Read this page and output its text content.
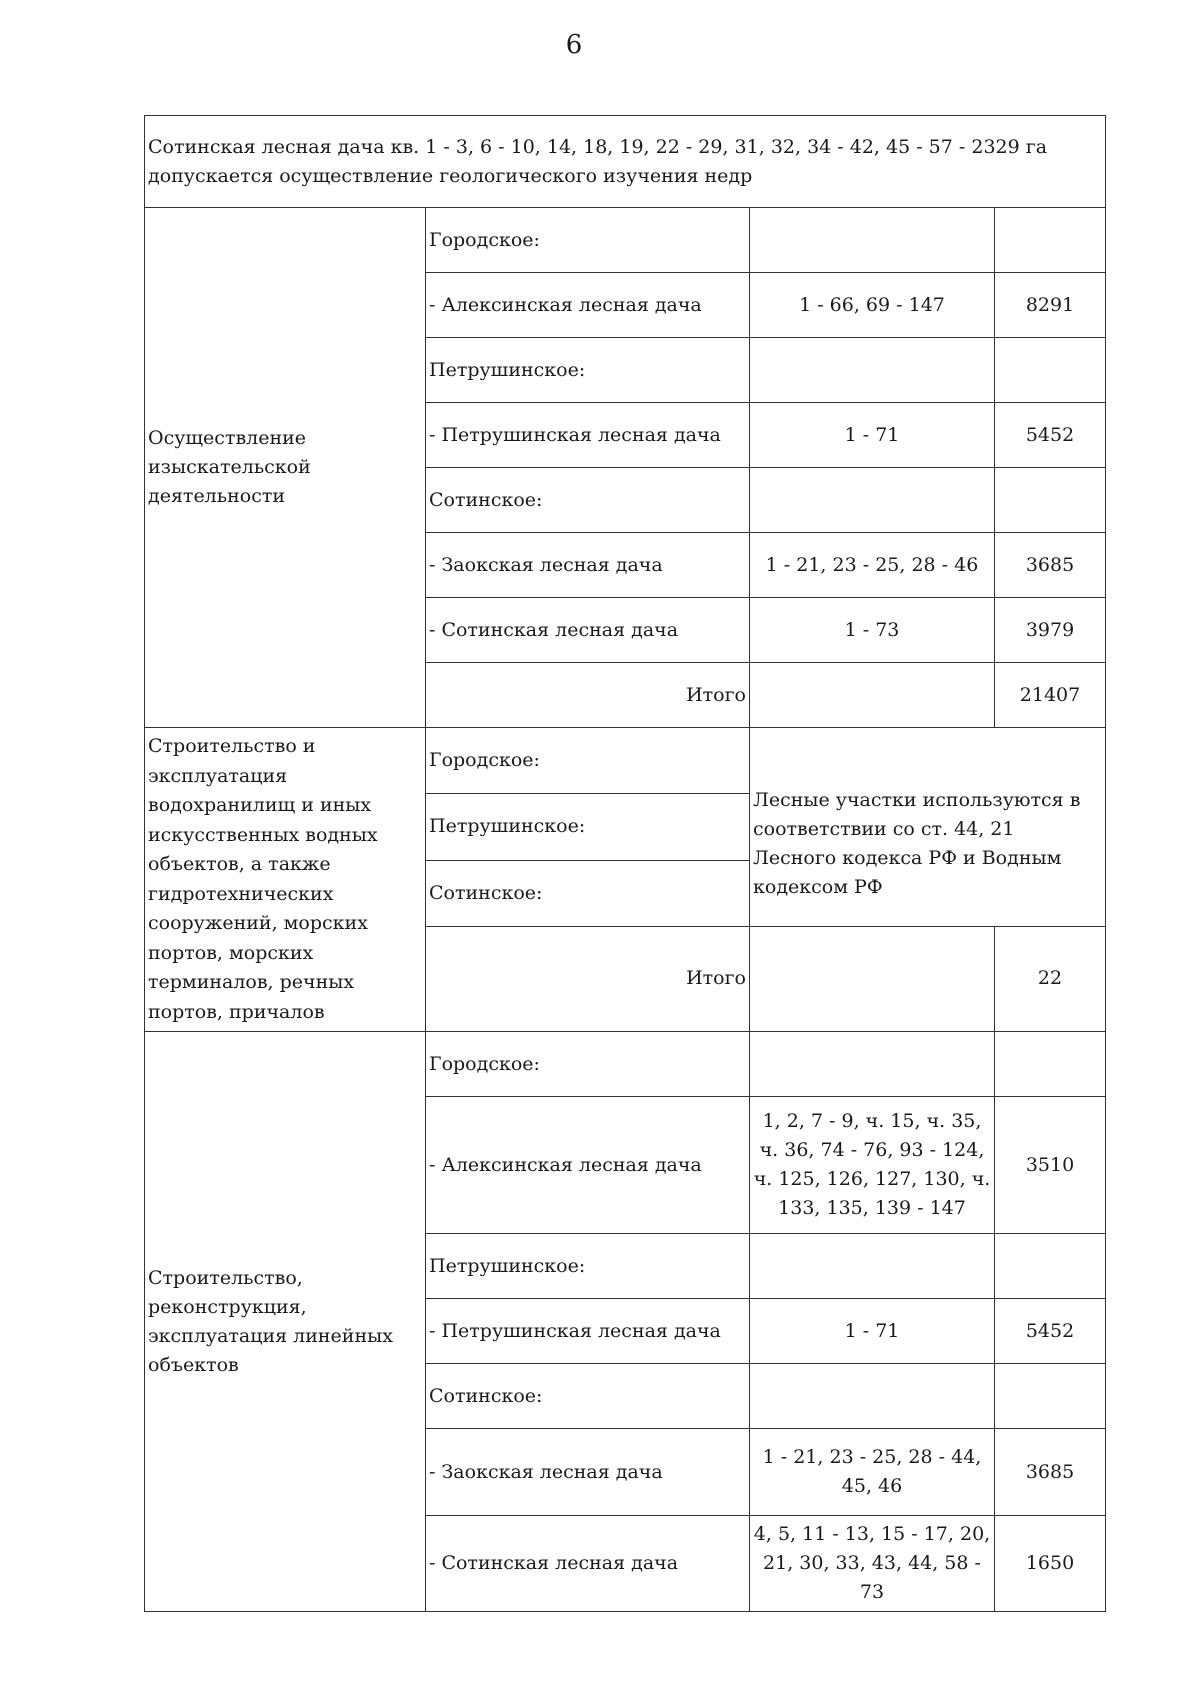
6
Сотинская лесная дача кв. 1 - 3, 6 - 10, 14, 18, 19, 22 - 29, 31, 32, 34 - 42, 45 - 57 - 2329 га допускается осуществление геологического изучения недр			
Осуществление изыскательской деятельности	Городское:		
	- Алексинская лесная дача	1 - 66, 69 - 147	8291
	Петрушинское:		
	- Петрушинская лесная дача	1 - 71	5452
	Сотинское:		
	- Заокская лесная дача	1 - 21, 23 - 25, 28 - 46	3685
	- Сотинская лесная дача	1 - 73	3979
	Итого		21407
Строительство и эксплуатация водохранилищ и иных искусственных водных объектов, а также гидротехнических сооружений, морских портов, морских терминалов, речных портов, причалов	Городское:	Лесные участки используются в соответствии со ст. 44, 21 Лесного кодекса РФ и Водным кодексом РФ	
	Петрушинское:		
	Сотинское:		
	Итого		22
Строительство, реконструкция, эксплуатация линейных объектов	Городское:		
	- Алексинская лесная дача	1, 2, 7 - 9, ч. 15, ч. 35, ч. 36, 74 - 76, 93 - 124, ч. 125, 126, 127, 130, ч. 133, 135, 139 - 147	3510
	Петрушинское:		
	- Петрушинская лесная дача	1 - 71	5452
	Сотинское:		
	- Заокская лесная дача	1 - 21, 23 - 25, 28 - 44, 45, 46	3685
	- Сотинская лесная дача	4, 5, 11 - 13, 15 - 17, 20, 21, 30, 33, 43, 44, 58 - 73	1650
